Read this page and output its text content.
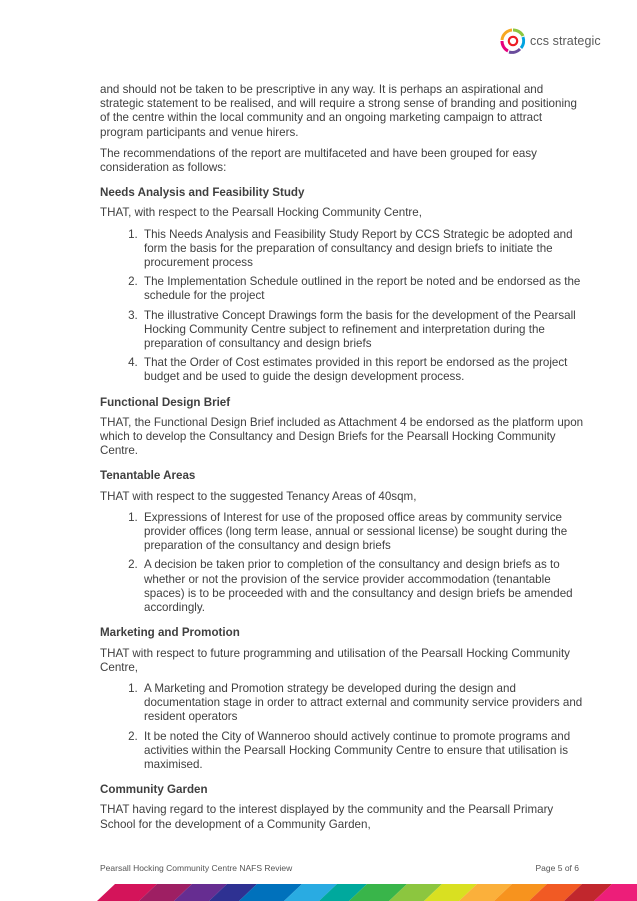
ccs strategic

and should not be taken to be prescriptive in any way. It is perhaps an aspirational and strategic statement to be realised, and will require a strong sense of branding and positioning of the centre within the local community and an ongoing marketing campaign to attract program participants and venue hirers.

The recommendations of the report are multifaceted and have been grouped for easy consideration as follows:

Needs Analysis and Feasibility Study

THAT, with respect to the Pearsall Hocking Community Centre,

1. This Needs Analysis and Feasibility Study Report by CCS Strategic be adopted and form the basis for the preparation of consultancy and design briefs to initiate the procurement process
2. The Implementation Schedule outlined in the report be noted and be endorsed as the schedule for the project
3. The illustrative Concept Drawings form the basis for the development of the Pearsall Hocking Community Centre subject to refinement and interpretation during the preparation of consultancy and design briefs
4. That the Order of Cost estimates provided in this report be endorsed as the project budget and be used to guide the design development process.
Functional Design Brief

THAT, the Functional Design Brief included as Attachment 4 be endorsed as the platform upon which to develop the Consultancy and Design Briefs for the Pearsall Hocking Community Centre.

Tenantable Areas

THAT with respect to the suggested Tenancy Areas of 40sqm,

1. Expressions of Interest for use of the proposed office areas by community service provider offices (long term lease, annual or sessional license) be sought during the preparation of the consultancy and design briefs
2. A decision be taken prior to completion of the consultancy and design briefs as to whether or not the provision of the service provider accommodation (tenantable spaces) is to be proceeded with and the consultancy and design briefs be amended accordingly.
Marketing and Promotion

THAT with respect to future programming and utilisation of the Pearsall Hocking Community Centre,

1. A Marketing and Promotion strategy be developed during the design and documentation stage in order to attract external and community service providers and resident operators
2. It be noted the City of Wanneroo should actively continue to promote programs and activities within the Pearsall Hocking Community Centre to ensure that utilisation is maximised.
Community Garden

THAT having regard to the interest displayed by the community and the Pearsall Primary School for the development of a Community Garden,

Pearsall Hocking Community Centre NAFS Review	Page 5 of 6
